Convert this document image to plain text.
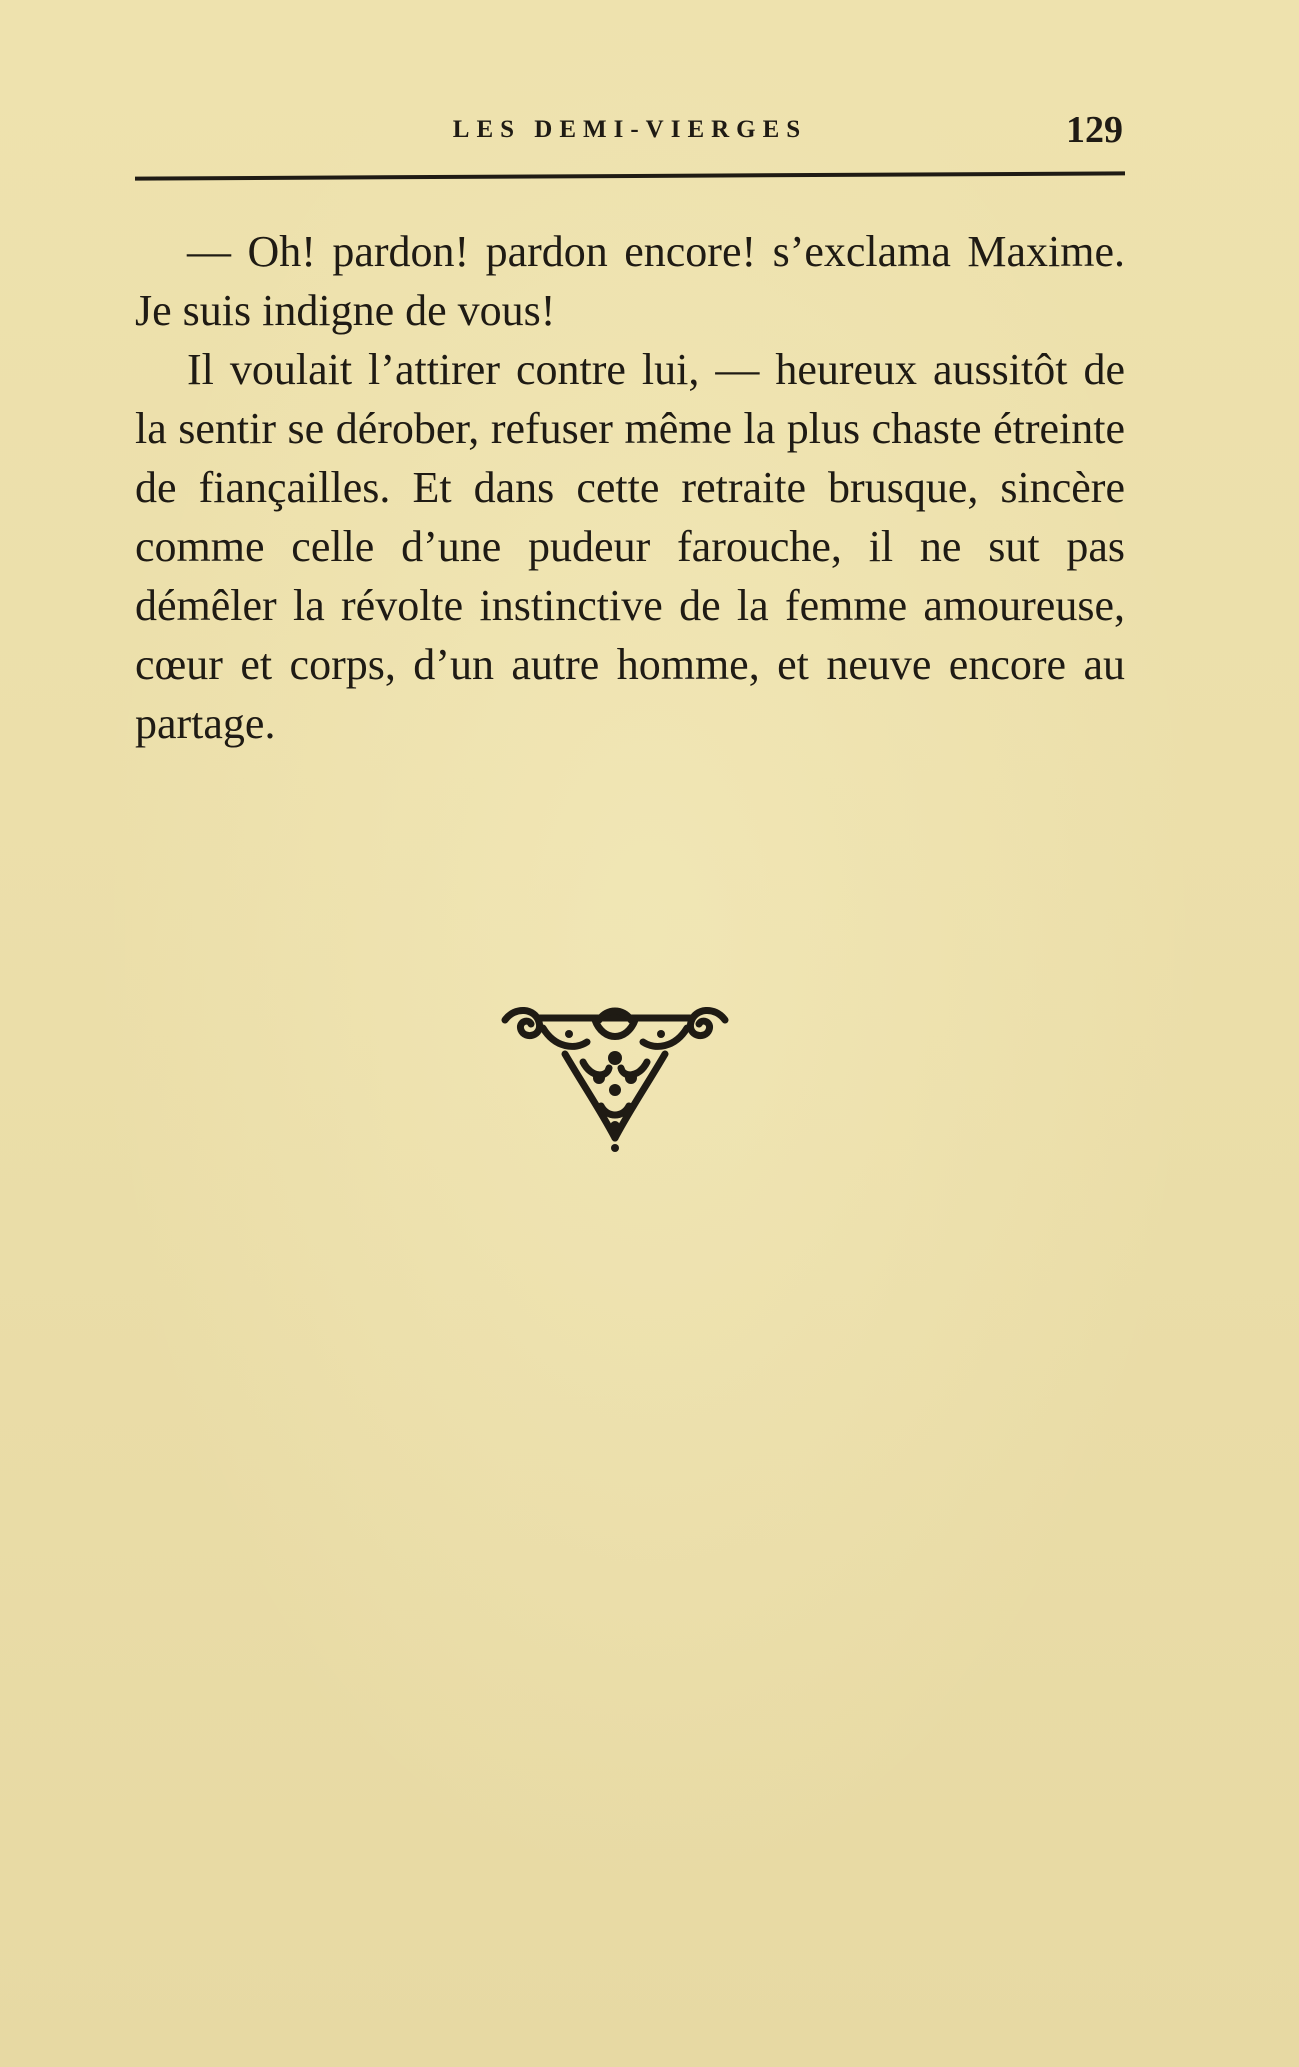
LES DEMI-VIERGES	129

— Oh! pardon! pardon encore! s’exclama Maxime. Je suis indigne de vous!

Il voulait l’attirer contre lui, — heureux aussitôt de la sentir se dérober, refuser même la plus chaste étreinte de fiançailles. Et dans cette retraite brusque, sincère comme celle d’une pudeur farouche, il ne sut pas démêler la révolte instinctive de la femme amoureuse, cœur et corps, d’un autre homme, et neuve encore au partage.
